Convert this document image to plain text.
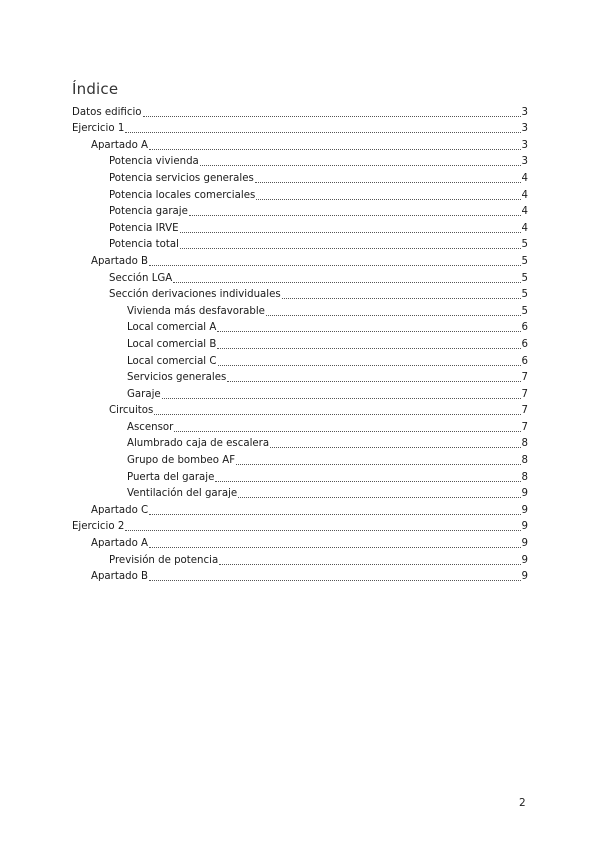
Índice
Datos edificio	3
Ejercicio 1	3
Apartado A	3
Potencia vivienda	3
Potencia servicios generales	4
Potencia locales comerciales	4
Potencia garaje	4
Potencia IRVE	4
Potencia total	5
Apartado B	5
Sección LGA	5
Sección derivaciones individuales	5
Vivienda más desfavorable	5
Local comercial A	6
Local comercial B	6
Local comercial C	6
Servicios generales	7
Garaje	7
Circuitos	7
Ascensor	7
Alumbrado caja de escalera	8
Grupo de bombeo AF	8
Puerta del garaje	8
Ventilación del garaje	9
Apartado C	9
Ejercicio 2	9
Apartado A	9
Previsión de potencia	9
Apartado B	9
2
